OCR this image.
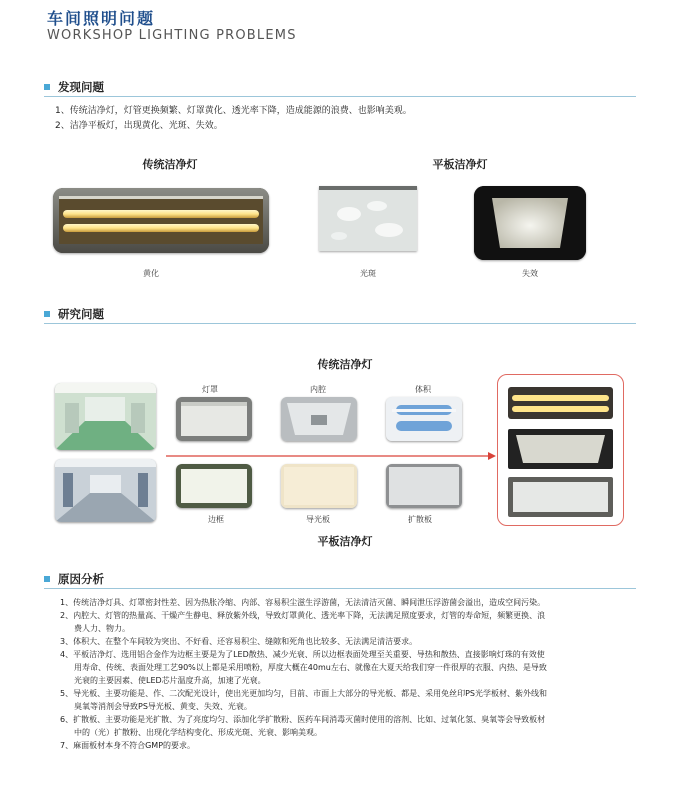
车间照明问题
WORKSHOP LIGHTING PROBLEMS
发现问题
1、传统洁净灯，灯管更换频繁、灯罩黄化、透光率下降，造成能源的浪费、也影响美观。
2、洁净平板灯，出现黄化、光斑、失效。
传统洁净灯	平板洁净灯
黄化	光斑	失效
研究问题
传统洁净灯
灯罩	内腔	体积
边框	导光板	扩散板
平板洁净灯
原因分析
1、传统洁净灯具、灯罩密封性差、因为热胀冷缩、内部、容易积尘滋生浮游菌，无法清洁灭菌、瞬间泄压浮游菌会溢出，造成空间污染。
2、内腔大、灯管的热量高、干燥产生静电、释放紫外线，导致灯罩黄化、透光率下降，无法满足照度要求，灯管的寿命短，频繁更换、浪
费人力、物力。
3、体积大、在整个车间较为突出、不好看、还容易积尘、缝隙和死角也比较多、无法满足清洁要求。
4、平板洁净灯、选用铝合金作为边框主要是为了LED散热、减少光衰、所以边框表面处理至关重要、导热和散热、直接影响灯珠的有效使
用寿命、传统、表面处理工艺90%以上都是采用喷粉，厚度大概在40mu左右、就像在大夏天给我们穿一件很厚的衣服、内热、是导致
光衰的主要因素、使LED芯片温度升高，加速了光衰。
5、导光板、主要功能是、作、二次配光设计，使出光更加均匀，目前、市面上大部分的导光板、都是、采用免丝印PS光学板材、紫外线和
臭氧等消剂会导致PS导光板、黄变、失效、光衰。
6、扩散板、主要功能是光扩散、为了亮度均匀、添加化学扩散粉、医药车间消毒灭菌时使用的溶剂、比如、过氧化氢、臭氧等会导致板材
中的（光）扩散粉、出现化学结构变化、形成光斑、光衰、影响美观。
7、麻面板材本身不符合GMP的要求。
